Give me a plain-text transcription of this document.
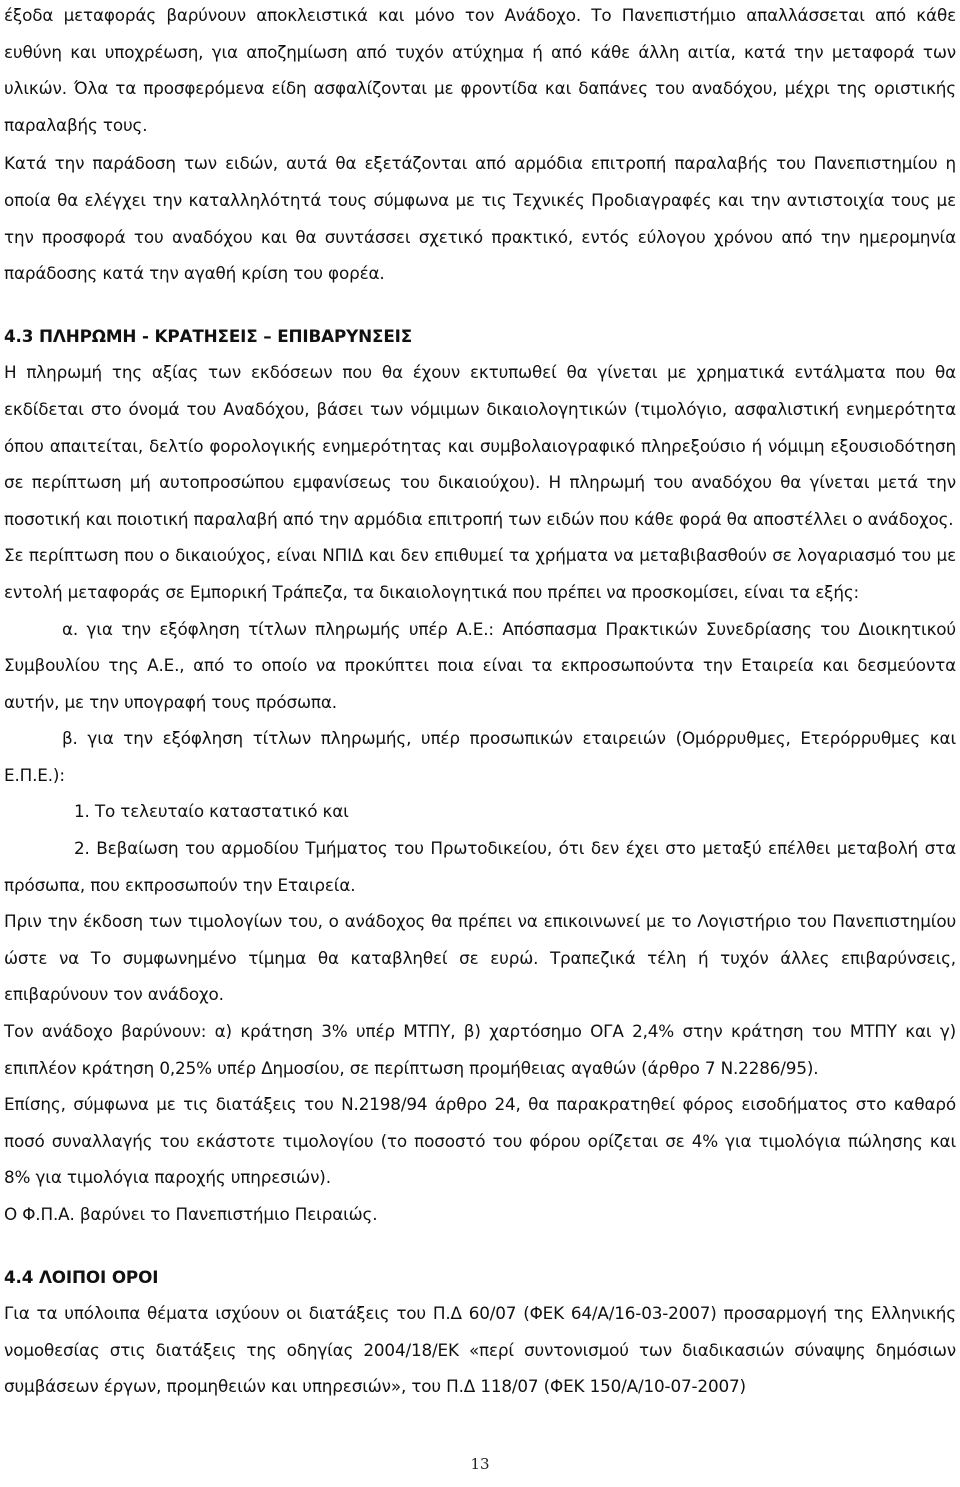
έξοδα μεταφοράς βαρύνουν αποκλειστικά και μόνο τον Ανάδοχο. Το Πανεπιστήμιο απαλλάσσεται από κάθε ευθύνη και υποχρέωση, για αποζημίωση από τυχόν ατύχημα ή από κάθε άλλη αιτία, κατά την μεταφορά των υλικών. Όλα τα προσφερόμενα είδη ασφαλίζονται με φροντίδα και δαπάνες του αναδόχου, μέχρι της οριστικής παραλαβής τους.

Κατά την παράδοση των ειδών, αυτά θα εξετάζονται από αρμόδια επιτροπή παραλαβής του Πανεπιστημίου η οποία θα ελέγχει την καταλληλότητά τους σύμφωνα με τις Τεχνικές Προδιαγραφές και την αντιστοιχία τους με την προσφορά του αναδόχου και θα συντάσσει σχετικό πρακτικό, εντός εύλογου χρόνου από την ημερομηνία παράδοσης κατά την αγαθή κρίση του φορέα.

4.3 ΠΛΗΡΩΜΗ - ΚΡΑΤΗΣΕΙΣ – ΕΠΙΒΑΡΥΝΣΕΙΣ

Η πληρωμή της αξίας των εκδόσεων που θα έχουν εκτυπωθεί θα γίνεται με χρηματικά εντάλματα που θα εκδίδεται στο όνομά του Αναδόχου, βάσει των νόμιμων δικαιολογητικών (τιμολόγιο, ασφαλιστική ενημερότητα όπου απαιτείται, δελτίο φορολογικής ενημερότητας και συμβολαιογραφικό πληρεξούσιο ή νόμιμη εξουσιοδότηση σε περίπτωση μή αυτοπροσώπου εμφανίσεως του δικαιούχου). Η πληρωμή του αναδόχου θα γίνεται μετά την ποσοτική και ποιοτική παραλαβή από την αρμόδια επιτροπή των ειδών που κάθε φορά θα αποστέλλει ο ανάδοχος.

Σε περίπτωση που ο δικαιούχος, είναι ΝΠΙΔ και δεν επιθυμεί τα χρήματα να μεταβιβασθούν σε λογαριασμό του με εντολή μεταφοράς σε Εμπορική Τράπεζα, τα δικαιολογητικά που πρέπει να προσκομίσει, είναι τα εξής:

α. για την εξόφληση τίτλων πληρωμής υπέρ Α.Ε.: Απόσπασμα Πρακτικών Συνεδρίασης του Διοικητικού Συμβουλίου της Α.Ε., από το οποίο να προκύπτει ποια είναι τα εκπροσωπούντα την Εταιρεία και δεσμεύοντα αυτήν, με την υπογραφή τους πρόσωπα.

β. για την εξόφληση τίτλων πληρωμής, υπέρ προσωπικών εταιρειών (Ομόρρυθμες, Ετερόρρυθμες και Ε.Π.Ε.):

1. Το τελευταίο καταστατικό και

2. Βεβαίωση του αρμοδίου Τμήματος του Πρωτοδικείου, ότι δεν έχει στο μεταξύ επέλθει μεταβολή στα πρόσωπα, που εκπροσωπούν την Εταιρεία.

Πριν την έκδοση των τιμολογίων του, ο ανάδοχος θα πρέπει να επικοινωνεί με το Λογιστήριο του Πανεπιστημίου ώστε να Το συμφωνημένο τίμημα θα καταβληθεί σε ευρώ. Τραπεζικά τέλη ή τυχόν άλλες επιβαρύνσεις, επιβαρύνουν τον ανάδοχο.

Τον ανάδοχο βαρύνουν: α) κράτηση 3% υπέρ ΜΤΠΥ, β) χαρτόσημο ΟΓΑ 2,4% στην κράτηση του ΜΤΠΥ και γ) επιπλέον κράτηση 0,25% υπέρ Δημοσίου, σε περίπτωση προμήθειας αγαθών (άρθρο 7 Ν.2286/95).

Επίσης, σύμφωνα με τις διατάξεις του Ν.2198/94 άρθρο 24, θα παρακρατηθεί φόρος εισοδήματος στο καθαρό ποσό συναλλαγής του εκάστοτε τιμολογίου (το ποσοστό του φόρου ορίζεται σε 4% για τιμολόγια πώλησης και 8% για τιμολόγια παροχής υπηρεσιών).

Ο Φ.Π.Α. βαρύνει το Πανεπιστήμιο Πειραιώς.

4.4 ΛΟΙΠΟΙ ΟΡΟΙ

Για τα υπόλοιπα θέματα ισχύουν οι διατάξεις του Π.Δ 60/07 (ΦΕΚ 64/Α/16-03-2007) προσαρμογή της Ελληνικής νομοθεσίας στις διατάξεις της οδηγίας 2004/18/ΕΚ «περί συντονισμού των διαδικασιών σύναψης δημόσιων συμβάσεων έργων, προμηθειών και υπηρεσιών», του Π.Δ 118/07 (ΦΕΚ 150/Α/10-07-2007)

13
